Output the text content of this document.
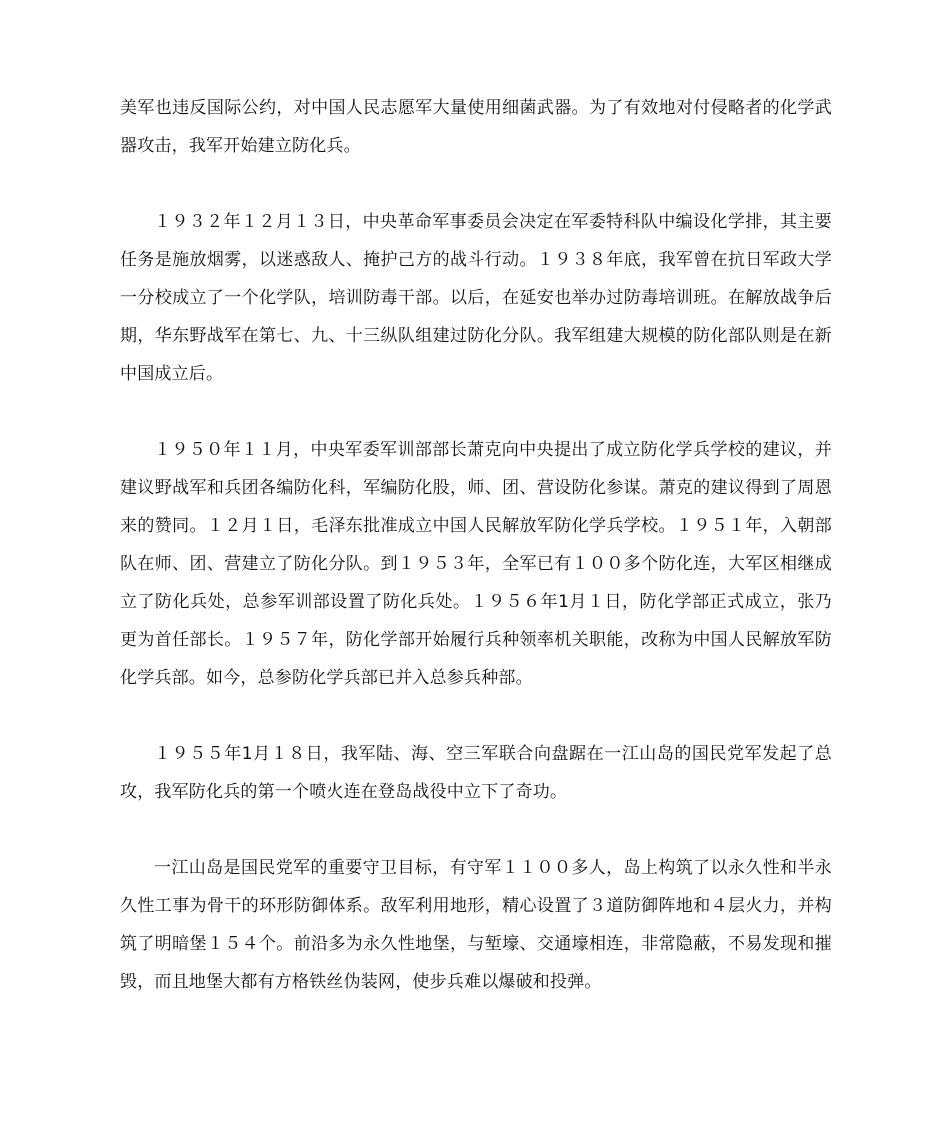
美军也违反国际公约，对中国人民志愿军大量使用细菌武器。为了有效地对付侵略者的化学武器攻击，我军开始建立防化兵。

１９３２年１２月１３日，中央革命军事委员会决定在军委特科队中编设化学排，其主要任务是施放烟雾，以迷惑敌人、掩护己方的战斗行动。１９３８年底，我军曾在抗日军政大学一分校成立了一个化学队，培训防毒干部。以后，在延安也举办过防毒培训班。在解放战争后期，华东野战军在第七、九、十三纵队组建过防化分队。我军组建大规模的防化部队则是在新中国成立后。

１９５０年１１月，中央军委军训部部长萧克向中央提出了成立防化学兵学校的建议，并建议野战军和兵团各编防化科，军编防化股，师、团、营设防化参谋。萧克的建议得到了周恩来的赞同。１２月１日，毛泽东批准成立中国人民解放军防化学兵学校。１９５１年，入朝部队在师、团、营建立了防化分队。到１９５３年，全军已有１００多个防化连，大军区相继成立了防化兵处，总参军训部设置了防化兵处。１９５６年1月１日，防化学部正式成立，张乃更为首任部长。１９５７年，防化学部开始履行兵种领率机关职能，改称为中国人民解放军防化学兵部。如今，总参防化学兵部已并入总参兵种部。

１９５５年1月１８日，我军陆、海、空三军联合向盘踞在一江山岛的国民党军发起了总攻，我军防化兵的第一个喷火连在登岛战役中立下了奇功。

一江山岛是国民党军的重要守卫目标，有守军１１００多人，岛上构筑了以永久性和半永久性工事为骨干的环形防御体系。敌军利用地形，精心设置了３道防御阵地和４层火力，并构筑了明暗堡１５４个。前沿多为永久性地堡，与堑壕、交通壕相连，非常隐蔽，不易发现和摧毁，而且地堡大都有方格铁丝伪装网，使步兵难以爆破和投弹。
